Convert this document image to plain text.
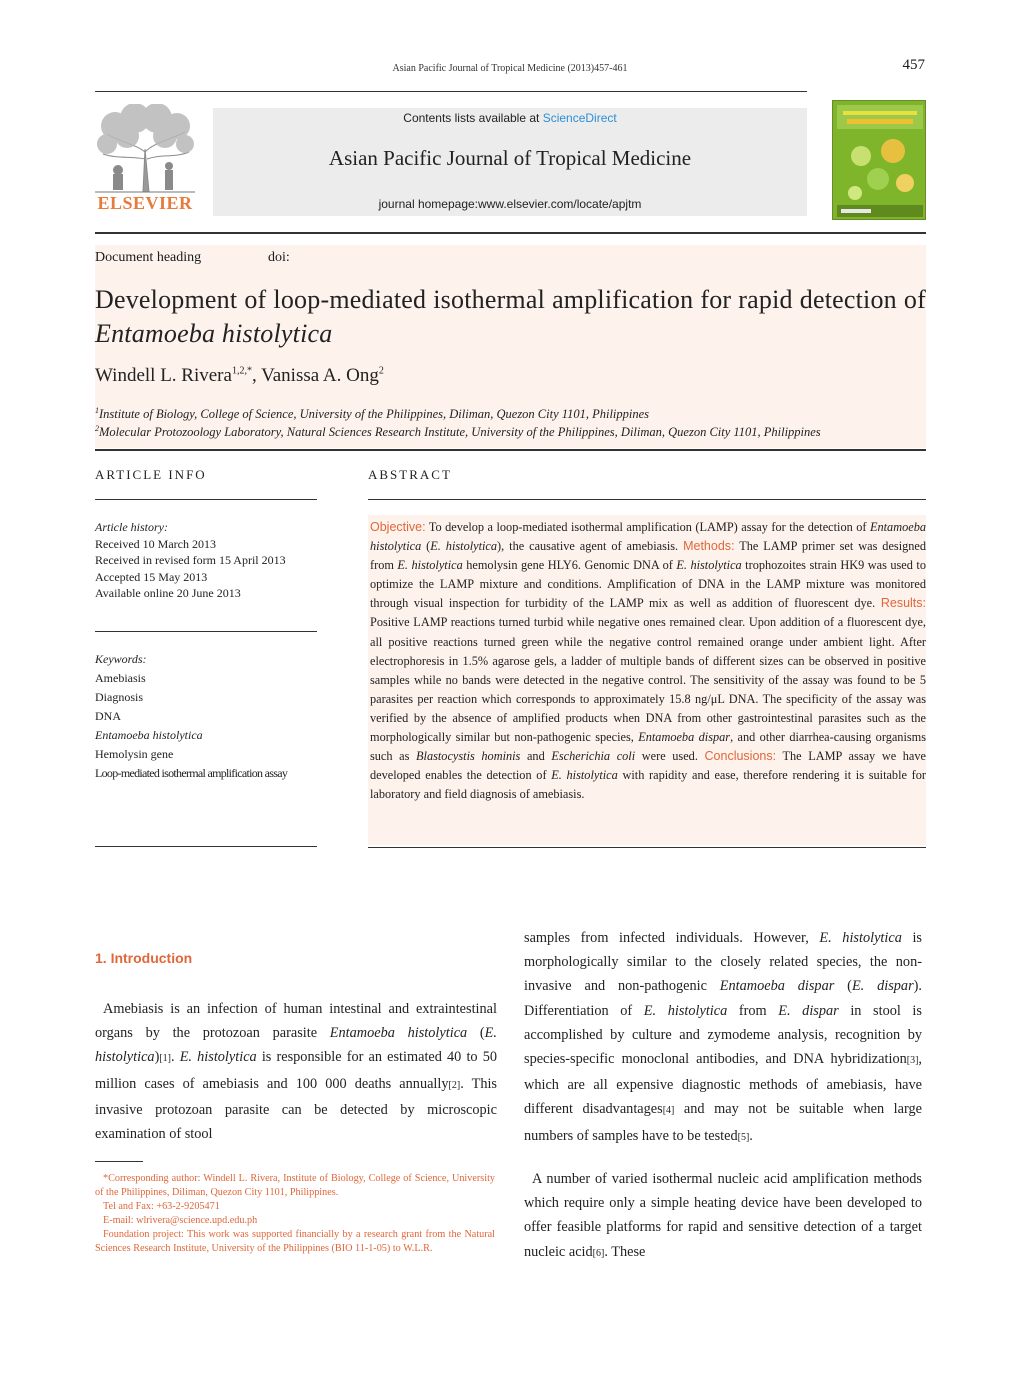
Asian Pacific Journal of Tropical Medicine (2013)457-461	457
ELSEVIER
Contents lists available at ScienceDirect
Asian Pacific Journal of Tropical Medicine
journal homepage:www.elsevier.com/locate/apjtm
Document heading	doi:
Development of loop-mediated isothermal amplification for rapid detection of Entamoeba histolytica
Windell L. Rivera$^{1,2,*}$, Vanissa A. Ong$^2$
$^1$Institute of Biology, College of Science, University of the Philippines, Diliman, Quezon City 1101, Philippines
$^2$Molecular Protozoology Laboratory, Natural Sciences Research Institute, University of the Philippines, Diliman, Quezon City 1101, Philippines
ARTICLE INFO	ABSTRACT
Article history:
Received 10 March 2013
Received in revised form 15 April 2013
Accepted 15 May 2013
Available online 20 June 2013
Keywords:
Amebiasis
Diagnosis
DNA
Entamoeba histolytica
Hemolysin gene
Loop-mediated isothermal amplification assay
Objective: To develop a loop-mediated isothermal amplification (LAMP) assay for the detection of Entamoeba histolytica (E. histolytica), the causative agent of amebiasis. Methods: The LAMP primer set was designed from E. histolytica hemolysin gene HLY6. Genomic DNA of E. histolytica trophozoites strain HK9 was used to optimize the LAMP mixture and conditions. Amplification of DNA in the LAMP mixture was monitored through visual inspection for turbidity of the LAMP mix as well as addition of fluorescent dye. Results: Positive LAMP reactions turned turbid while negative ones remained clear. Upon addition of a fluorescent dye, all positive reactions turned green while the negative control remained orange under ambient light. After electrophoresis in 1.5% agarose gels, a ladder of multiple bands of different sizes can be observed in positive samples while no bands were detected in the negative control. The sensitivity of the assay was found to be 5 parasites per reaction which corresponds to approximately 15.8 ng/μL DNA. The specificity of the assay was verified by the absence of amplified products when DNA from other gastrointestinal parasites such as the morphologically similar but non-pathogenic species, Entamoeba dispar, and other diarrhea-causing organisms such as Blastocystis hominis and Escherichia coli were used. Conclusions: The LAMP assay we have developed enables the detection of E. histolytica with rapidity and ease, therefore rendering it is suitable for laboratory and field diagnosis of amebiasis.
1. Introduction
Amebiasis is an infection of human intestinal and extraintestinal organs by the protozoan parasite Entamoeba histolytica (E. histolytica)[1]. E. histolytica is responsible for an estimated 40 to 50 million cases of amebiasis and 100 000 deaths annually[2]. This invasive protozoan parasite can be detected by microscopic examination of stool
samples from infected individuals. However, E. histolytica is morphologically similar to the closely related species, the non-invasive and non-pathogenic Entamoeba dispar (E. dispar). Differentiation of E. histolytica from E. dispar in stool is accomplished by culture and zymodeme analysis, recognition by species-specific monoclonal antibodies, and DNA hybridization[3], which are all expensive diagnostic methods of amebiasis, have different disadvantages[4] and may not be suitable when large numbers of samples have to be tested[5].
A number of varied isothermal nucleic acid amplification methods which require only a simple heating device have been developed to offer feasible platforms for rapid and sensitive detection of a target nucleic acid[6]. These

*Corresponding author: Windell L. Rivera, Institute of Biology, College of Science, University of the Philippines, Diliman, Quezon City 1101, Philippines.

Tel and Fax: +63-2-9205471

E-mail: wlrivera@science.upd.edu.ph

Foundation project: This work was supported financially by a research grant from the Natural Sciences Research Institute, University of the Philippines (BIO 11-1-05) to W.L.R.
